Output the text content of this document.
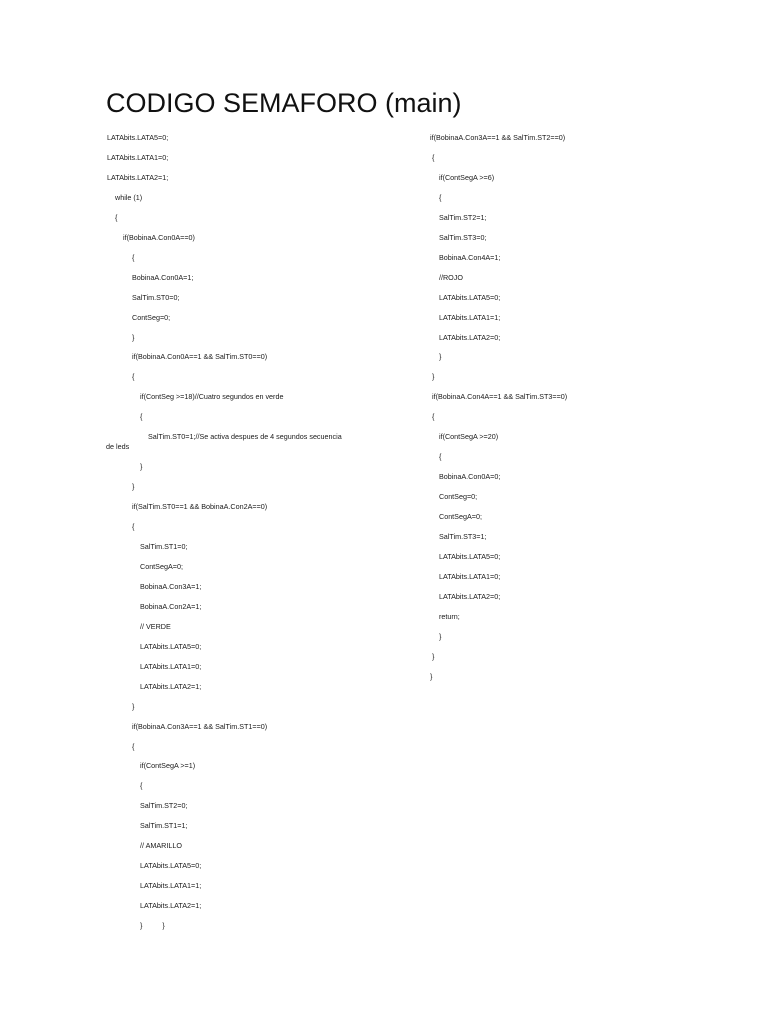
CODIGO SEMAFORO (main)
LATAbits.LATA5=0;
LATAbits.LATA1=0;
LATAbits.LATA2=1;
while (1)
{
if(BobinaA.Con0A==0)
{
BobinaA.Con0A=1;
SalTim.ST0=0;
ContSeg=0;
}
if(BobinaA.Con0A==1 && SalTim.ST0==0)
{
if(ContSeg >=18)//Cuatro segundos en verde
{
SalTim.ST0=1;//Se activa despues de 4 segundos secuencia
de leds
}
}
if(SalTim.ST0==1 && BobinaA.Con2A==0)
{
SalTim.ST1=0;
ContSegA=0;
BobinaA.Con3A=1;
BobinaA.Con2A=1;
// VERDE
LATAbits.LATA5=0;
LATAbits.LATA1=0;
LATAbits.LATA2=1;
}
if(BobinaA.Con3A==1 && SalTim.ST1==0)
{
if(ContSegA >=1)
{
SalTim.ST2=0;
SalTim.ST1=1;
// AMARILLO
LATAbits.LATA5=0;
LATAbits.LATA1=1;
LATAbits.LATA2=1;
}          }
if(BobinaA.Con3A==1 && SalTim.ST2==0)
{
if(ContSegA >=6)
{
SalTim.ST2=1;
SalTim.ST3=0;
BobinaA.Con4A=1;
//ROJO
LATAbits.LATA5=0;
LATAbits.LATA1=1;
LATAbits.LATA2=0;
}
}
if(BobinaA.Con4A==1 && SalTim.ST3==0)
{
if(ContSegA >=20)
{
BobinaA.Con0A=0;
ContSeg=0;
ContSegA=0;
SalTim.ST3=1;
LATAbits.LATA5=0;
LATAbits.LATA1=0;
LATAbits.LATA2=0;
return;
}
}
}
